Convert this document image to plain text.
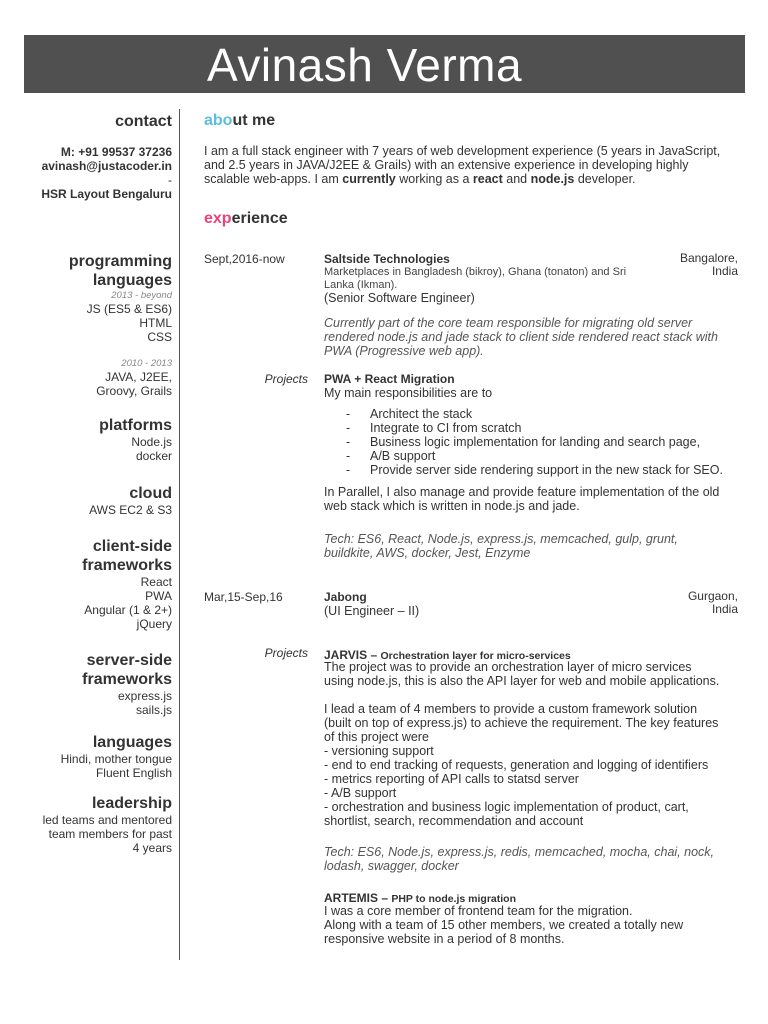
Avinash Verma
contact
M: +91 99537 37236
avinash@justacoder.in
-
HSR Layout Bengaluru
programming
languages
2013 - beyond
JS (ES5 & ES6)
HTML
CSS
2010 - 2013
JAVA, J2EE,
Groovy, Grails
platforms
Node.js
docker
cloud
AWS EC2 & S3
client-side
frameworks
React
PWA
Angular (1 & 2+)
jQuery
server-side
frameworks
express.js
sails.js
languages
Hindi, mother tongue
Fluent English
leadership
led teams and mentored
team members for past
4 years
about me
I am a full stack engineer with 7 years of web development experience (5 years in JavaScript,
and 2.5 years in JAVA/J2EE & Grails) with an extensive experience in developing highly
scalable web-apps. I am currently working as a react and node.js developer.
experience
Sept,2016-now	Saltside Technologies	Bangalore,
India
Marketplaces in Bangladesh (bikroy), Ghana (tonaton) and Sri
Lanka (Ikman).
(Senior Software Engineer)
Currently part of the core team responsible for migrating old server
rendered node.js and jade stack to client side rendered react stack with
PWA (Progressive web app).
Projects PWA + React Migration
My main responsibilities are to
- Architect the stack
- Integrate to CI from scratch
- Business logic implementation for landing and search page,
- A/B support
- Provide server side rendering support in the new stack for SEO.
In Parallel, I also manage and provide feature implementation of the old
web stack which is written in node.js and jade.
Tech: ES6, React, Node.js, express.js, memcached, gulp, grunt,
buildkite, AWS, docker, Jest, Enzyme
Mar,15-Sep,16	Jabong	Gurgaon,
India
(UI Engineer – II)
Projects JARVIS – Orchestration layer for micro-services
The project was to provide an orchestration layer of micro services
using node.js, this is also the API layer for web and mobile applications.
I lead a team of 4 members to provide a custom framework solution
(built on top of express.js) to achieve the requirement. The key features
of this project were
- versioning support
- end to end tracking of requests, generation and logging of identifiers
- metrics reporting of API calls to statsd server
- A/B support
- orchestration and business logic implementation of product, cart,
shortlist, search, recommendation and account
Tech: ES6, Node.js, express.js, redis, memcached, mocha, chai, nock,
lodash, swagger, docker
ARTEMIS – PHP to node.js migration
I was a core member of frontend team for the migration.
Along with a team of 15 other members, we created a totally new
responsive website in a period of 8 months.
